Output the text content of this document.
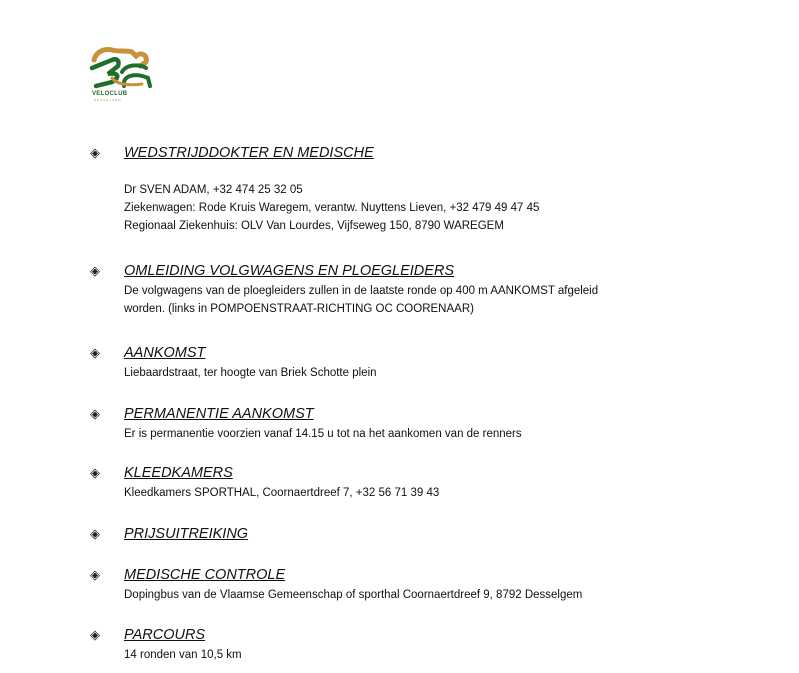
VELOCLUB
DESSELGEM
◈	WEDSTRIJDDOKTER EN MEDISCHE
Dr SVEN ADAM, +32 474 25 32 05
Ziekenwagen: Rode Kruis Waregem, verantw. Nuyttens Lieven, +32 479 49 47 45
Regionaal Ziekenhuis: OLV Van Lourdes, Vijfseweg 150, 8790 WAREGEM
◈	OMLEIDING VOLGWAGENS EN PLOEGLEIDERS
De volgwagens van de ploegleiders zullen in de laatste ronde op 400 m AANKOMST afgeleid
worden. (links in POMPOENSTRAAT-RICHTING OC COORENAAR)
◈	AANKOMST
Liebaardstraat, ter hoogte van Briek Schotte plein
◈	PERMANENTIE AANKOMST
Er is permanentie voorzien vanaf 14.15 u tot na het aankomen van de renners
◈	KLEEDKAMERS
Kleedkamers SPORTHAL, Coornaertdreef 7, +32 56 71 39 43
◈	PRIJSUITREIKING
◈	MEDISCHE CONTROLE
Dopingbus van de Vlaamse Gemeenschap of sporthal Coornaertdreef 9, 8792 Desselgem
◈	PARCOURS
14 ronden van 10,5 km
